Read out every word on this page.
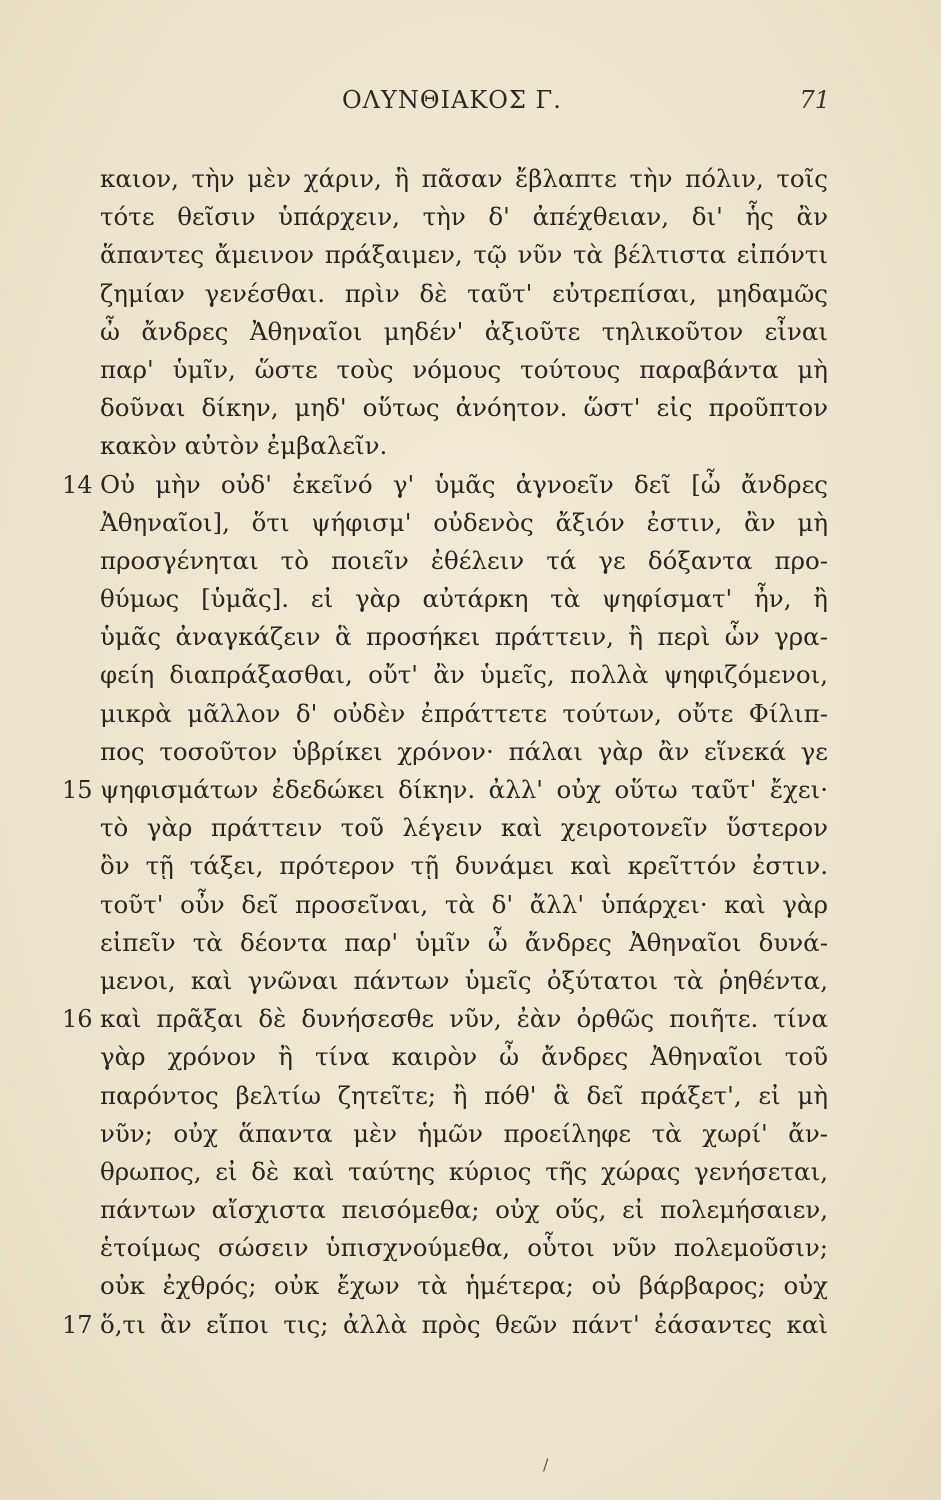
ΟΛΥΝΘΙΑΚΟΣ Γ.	71
καιον, τὴν μὲν χάριν, ἣ πᾶσαν ἔβλαπτε τὴν πόλιν, τοῖς
τότε θεῖσιν ὑπάρχειν, τὴν δ' ἀπέχθειαν, δι' ἧς ἂν
ἅπαντες ἄμεινον πράξαιμεν, τῷ νῦν τὰ βέλτιστα εἰπόντι
ζημίαν γενέσθαι. πρὶν δὲ ταῦτ' εὐτρεπίσαι, μηδαμῶς
ὦ ἄνδρες Ἀθηναῖοι μηδέν' ἀξιοῦτε τηλικοῦτον εἶναι
παρ' ὑμῖν, ὥστε τοὺς νόμους τούτους παραβάντα μὴ
δοῦναι δίκην, μηδ' οὕτως ἀνόητον. ὥστ' εἰς προῦπτον
κακὸν αὐτὸν ἐμβαλεῖν.
14 Οὐ μὴν οὐδ' ἐκεῖνό γ' ὑμᾶς ἀγνοεῖν δεῖ [ὦ ἄνδρες
Ἀθηναῖοι], ὅτι ψήφισμ' οὐδενὸς ἄξιόν ἐστιν, ἂν μὴ
προσγένηται τὸ ποιεῖν ἐθέλειν τά γε δόξαντα προ-
θύμως [ὑμᾶς]. εἰ γὰρ αὐτάρκη τὰ ψηφίσματ' ἦν, ἢ
ὑμᾶς ἀναγκάζειν ἃ προσήκει πράττειν, ἢ περὶ ὧν γρα-
φείη διαπράξασθαι, οὔτ' ἂν ὑμεῖς, πολλὰ ψηφιζόμενοι,
μικρὰ μᾶλλον δ' οὐδὲν ἐπράττετε τούτων, οὔτε Φίλιπ-
πος τοσοῦτον ὑβρίκει χρόνον· πάλαι γὰρ ἂν εἵνεκά γε
15 ψηφισμάτων ἐδεδώκει δίκην. ἀλλ' οὐχ οὕτω ταῦτ' ἔχει·
τὸ γὰρ πράττειν τοῦ λέγειν καὶ χειροτονεῖν ὕστερον
ὂν τῇ τάξει, πρότερον τῇ δυνάμει καὶ κρεῖττόν ἐστιν.
τοῦτ' οὖν δεῖ προσεῖναι, τὰ δ' ἄλλ' ὑπάρχει· καὶ γὰρ
εἰπεῖν τὰ δέοντα παρ' ὑμῖν ὦ ἄνδρες Ἀθηναῖοι δυνά-
μενοι, καὶ γνῶναι πάντων ὑμεῖς ὀξύτατοι τὰ ῥηθέντα,
16 καὶ πρᾶξαι δὲ δυνήσεσθε νῦν, ἐὰν ὀρθῶς ποιῆτε. τίνα
γὰρ χρόνον ἢ τίνα καιρὸν ὦ ἄνδρες Ἀθηναῖοι τοῦ
παρόντος βελτίω ζητεῖτε; ἢ πόθ' ἃ δεῖ πράξετ', εἰ μὴ
νῦν; οὐχ ἅπαντα μὲν ἡμῶν προείληφε τὰ χωρί' ἄν-
θρωπος, εἰ δὲ καὶ ταύτης κύριος τῆς χώρας γενήσεται,
πάντων αἴσχιστα πεισόμεθα; οὐχ οὕς, εἰ πολεμήσαιεν,
ἑτοίμως σώσειν ὑπισχνούμεθα, οὗτοι νῦν πολεμοῦσιν;
οὐκ ἐχθρός; οὐκ ἔχων τὰ ἡμέτερα; οὐ βάρβαρος; οὐχ
17 ὅ,τι ἂν εἴποι τις; ἀλλὰ πρὸς θεῶν πάντ' ἐάσαντες καὶ
/
